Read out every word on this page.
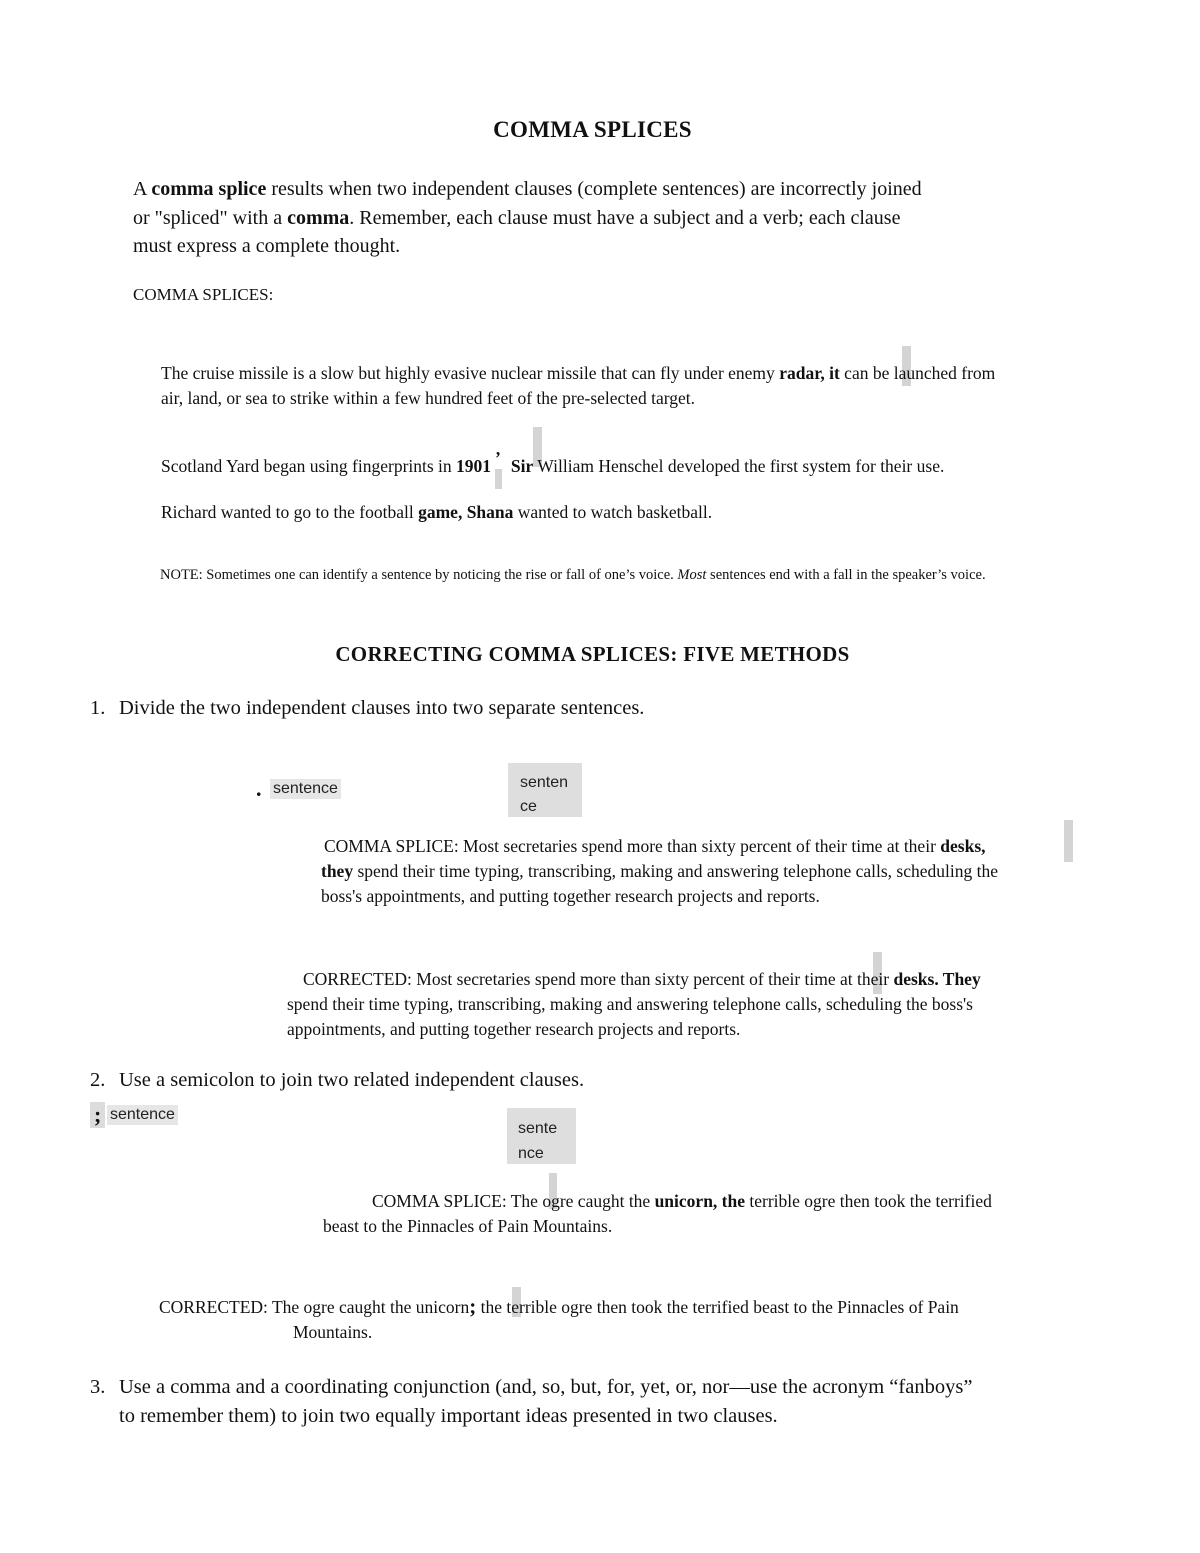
COMMA SPLICES
A comma splice results when two independent clauses (complete sentences) are incorrectly joined
or "spliced" with a comma. Remember, each clause must have a subject and a verb; each clause
must express a complete thought.
COMMA SPLICES:
The cruise missile is a slow but highly evasive nuclear missile that can fly under enemy radar, it can be launched from
air, land, or sea to strike within a few hundred feet of the pre-selected target.
Scotland Yard began using fingerprints in 1901 ’ Sir William Henschel developed the first system for their use.
Richard wanted to go to the football game, Shana wanted to watch basketball.
NOTE: Sometimes one can identify a sentence by noticing the rise or fall of one’s voice. Most sentences end with a fall in the speaker’s voice.
CORRECTING COMMA SPLICES: FIVE METHODS
1. Divide the two independent clauses into two separate sentences.
. sentence	senten
ce
COMMA SPLICE: Most secretaries spend more than sixty percent of their time at their desks,
they spend their time typing, transcribing, making and answering telephone calls, scheduling the
boss's appointments, and putting together research projects and reports.
CORRECTED: Most secretaries spend more than sixty percent of their time at their desks. They
spend their time typing, transcribing, making and answering telephone calls, scheduling the boss's
appointments, and putting together research projects and reports.
2. Use a semicolon to join two related independent clauses.
; sentence
sente
nce
COMMA SPLICE: The ogre caught the unicorn, the terrible ogre then took the terrified
beast to the Pinnacles of Pain Mountains.
CORRECTED: The ogre caught the unicorn; the terrible ogre then took the terrified beast to the Pinnacles of Pain
Mountains.
3. Use a comma and a coordinating conjunction (and, so, but, for, yet, or, nor—use the acronym “fanboys”
to remember them) to join two equally important ideas presented in two clauses.
